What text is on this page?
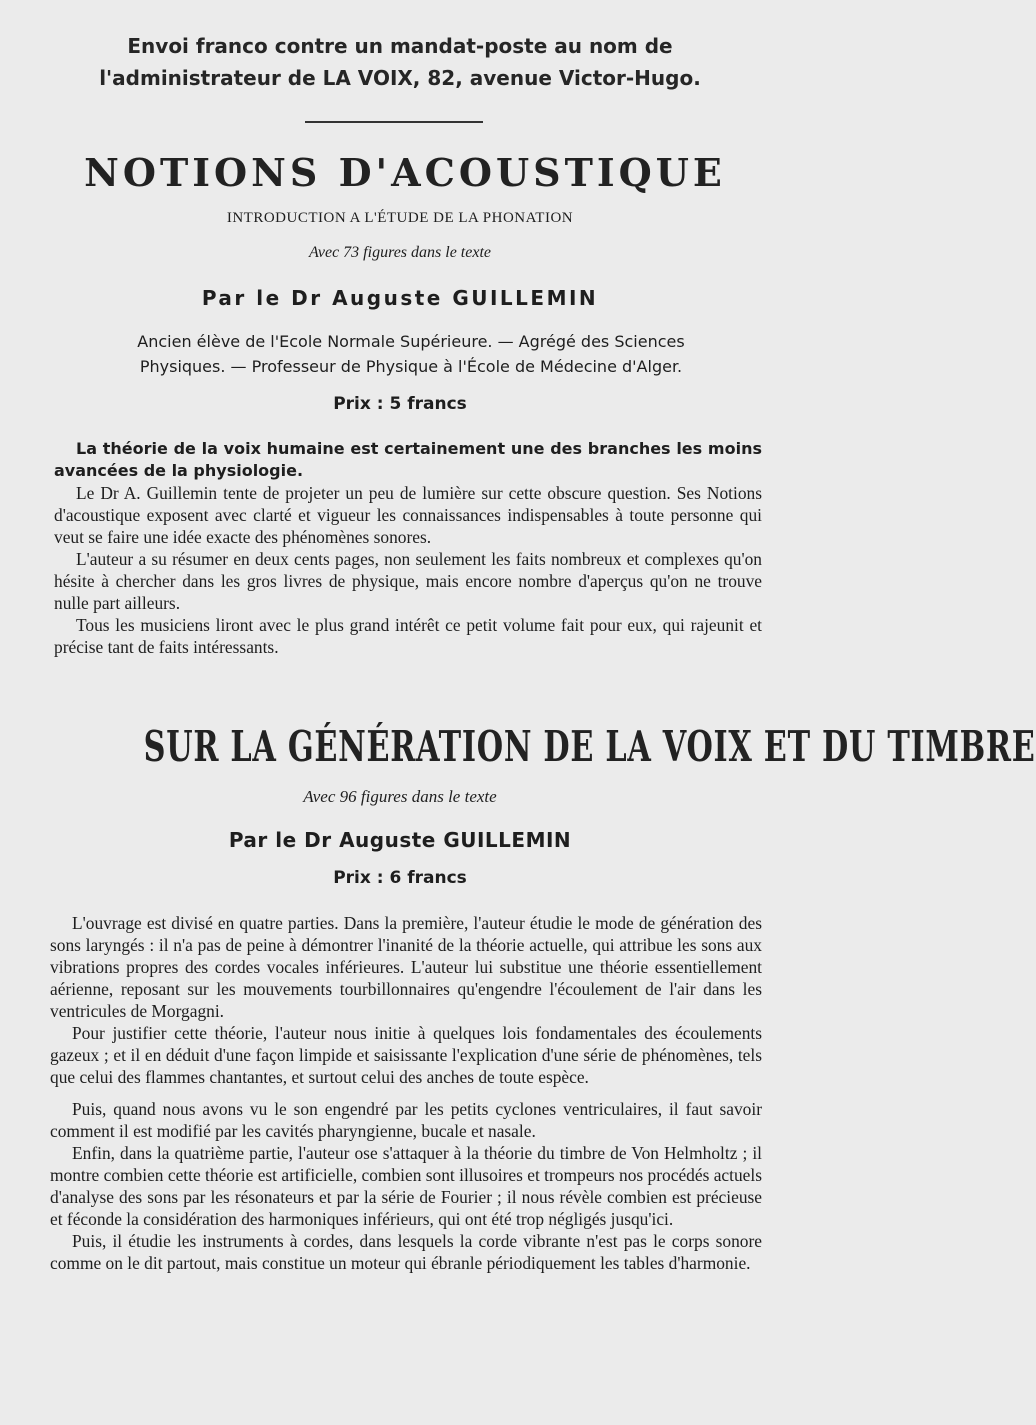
Envoi franco contre un mandat-poste au nom de
l'administrateur de LA VOIX, 82, avenue Victor-Hugo.
NOTIONS D'ACOUSTIQUE
INTRODUCTION A L'ÉTUDE DE LA PHONATION
Avec 73 figures dans le texte
Par le Dr Auguste GUILLEMIN
Ancien élève de l'Ecole Normale Supérieure. — Agrégé des Sciences
Physiques. — Professeur de Physique à l'École de Médecine d'Alger.
Prix : 5 francs

La théorie de la voix humaine est certainement une des branches les moins avancées de la physiologie.

Le Dr A. Guillemin tente de projeter un peu de lumière sur cette obscure question. Ses Notions d'acoustique exposent avec clarté et vigueur les connaissances indispensables à toute personne qui veut se faire une idée exacte des phénomènes sonores.

L'auteur a su résumer en deux cents pages, non seulement les faits nombreux et complexes qu'on hésite à chercher dans les gros livres de physique, mais encore nombre d'aperçus qu'on ne trouve nulle part ailleurs.

Tous les musiciens liront avec le plus grand intérêt ce petit volume fait pour eux, qui rajeunit et précise tant de faits intéressants.

SUR LA GÉNÉRATION DE LA VOIX ET DU TIMBRE
Avec 96 figures dans le texte
Par le Dr Auguste GUILLEMIN
Prix : 6 francs

L'ouvrage est divisé en quatre parties. Dans la première, l'auteur étudie le mode de génération des sons laryngés : il n'a pas de peine à démontrer l'inanité de la théorie actuelle, qui attribue les sons aux vibrations propres des cordes vocales inférieures. L'auteur lui substitue une théorie essentiellement aérienne, reposant sur les mouvements tourbillonnaires qu'engendre l'écoulement de l'air dans les ventricules de Morgagni.

Pour justifier cette théorie, l'auteur nous initie à quelques lois fondamentales des écoulements gazeux ; et il en déduit d'une façon limpide et saisissante l'explication d'une série de phénomènes, tels que celui des flammes chantantes, et surtout celui des anches de toute espèce.

Puis, quand nous avons vu le son engendré par les petits cyclones ventriculaires, il faut savoir comment il est modifié par les cavités pharyngienne, bucale et nasale.

Enfin, dans la quatrième partie, l'auteur ose s'attaquer à la théorie du timbre de Von Helmholtz ; il montre combien cette théorie est artificielle, combien sont illusoires et trompeurs nos procédés actuels d'analyse des sons par les résonateurs et par la série de Fourier ; il nous révèle combien est précieuse et féconde la considération des harmoniques inférieurs, qui ont été trop négligés jusqu'ici.

Puis, il étudie les instruments à cordes, dans lesquels la corde vibrante n'est pas le corps sonore comme on le dit partout, mais constitue un moteur qui ébranle périodiquement les tables d'harmonie.
